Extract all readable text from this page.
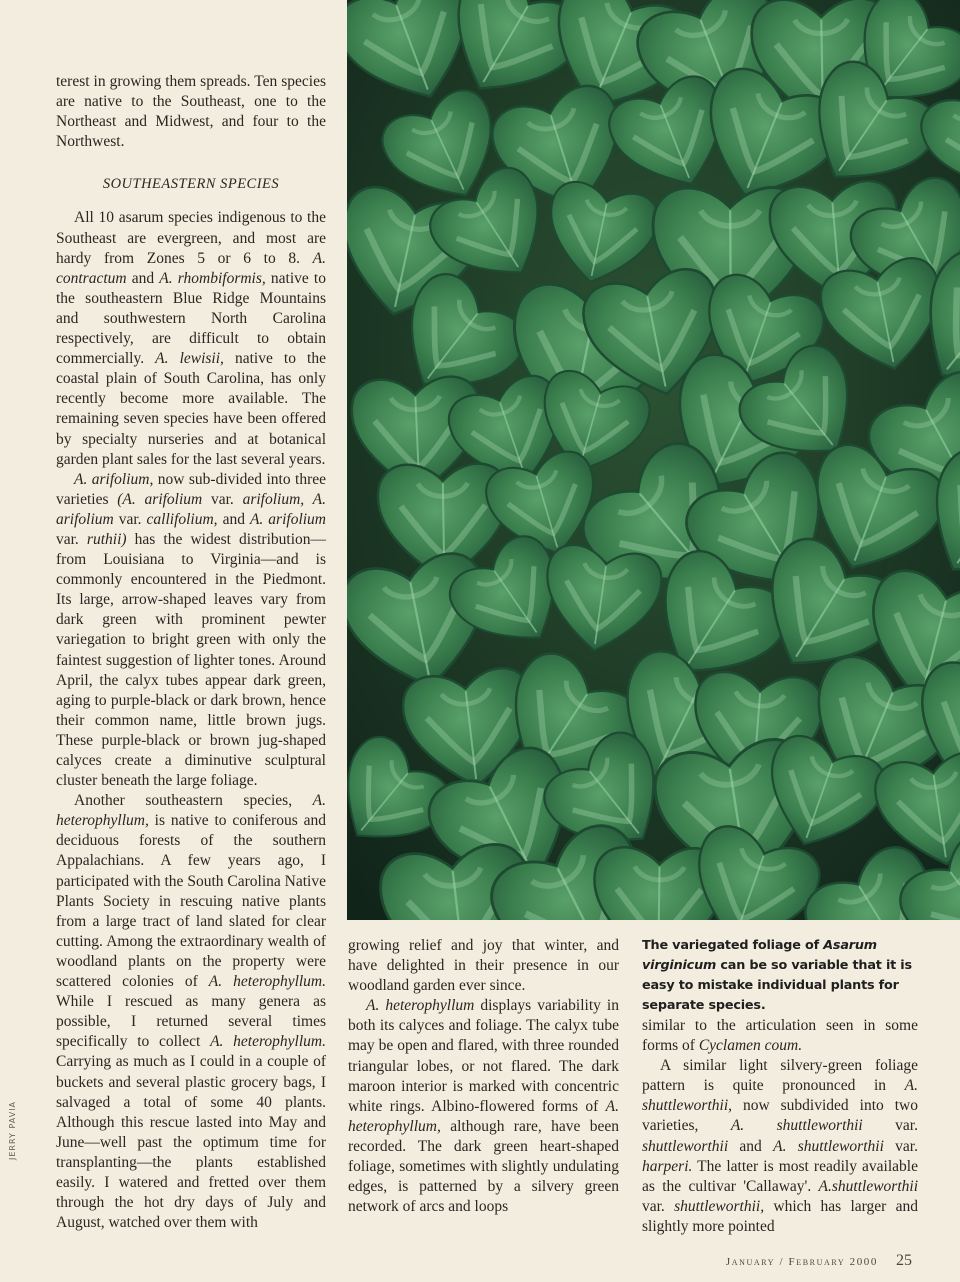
terest in growing them spreads. Ten species are native to the Southeast, one to the Northeast and Midwest, and four to the Northwest.

SOUTHEASTERN SPECIES

All 10 asarum species indigenous to the Southeast are evergreen, and most are hardy from Zones 5 or 6 to 8. A. contractum and A. rhombiformis, native to the southeastern Blue Ridge Mountains and southwestern North Carolina respectively, are difficult to obtain commercially. A. lewisii, native to the coastal plain of South Carolina, has only recently become more available. The remaining seven species have been offered by specialty nurseries and at botanical garden plant sales for the last several years.

A. arifolium, now sub-divided into three varieties (A. arifolium var. arifolium, A. arifolium var. callifolium, and A. arifolium var. ruthii) has the widest distribution—from Louisiana to Virginia—and is commonly encountered in the Piedmont. Its large, arrow-shaped leaves vary from dark green with prominent pewter variegation to bright green with only the faintest suggestion of lighter tones. Around April, the calyx tubes appear dark green, aging to purple-black or dark brown, hence their common name, little brown jugs. These purple-black or brown jug-shaped calyces create a diminutive sculptural cluster beneath the large foliage.

Another southeastern species, A. heterophyllum, is native to coniferous and deciduous forests of the southern Appalachians. A few years ago, I participated with the South Carolina Native Plants Society in rescuing native plants from a large tract of land slated for clear cutting. Among the extraordinary wealth of woodland plants on the property were scattered colonies of A. heterophyllum. While I rescued as many genera as possible, I returned several times specifically to collect A. heterophyllum. Carrying as much as I could in a couple of buckets and several plastic grocery bags, I salvaged a total of some 40 plants. Although this rescue lasted into May and June—well past the optimum time for transplanting—the plants established easily. I watered and fretted over them through the hot dry days of July and August, watched over them with

growing relief and joy that winter, and have delighted in their presence in our woodland garden ever since.

A. heterophyllum displays variability in both its calyces and foliage. The calyx tube may be open and flared, with three rounded triangular lobes, or not flared. The dark maroon interior is marked with concentric white rings. Albino-flowered forms of A. heterophyllum, although rare, have been recorded. The dark green heart-shaped foliage, sometimes with slightly undulating edges, is patterned by a silvery green network of arcs and loops

The variegated foliage of Asarum virginicum can be so variable that it is easy to mistake individual plants for separate species.

similar to the articulation seen in some forms of Cyclamen coum.

A similar light silvery-green foliage pattern is quite pronounced in A. shuttleworthii, now subdivided into two varieties, A. shuttleworthii var. shuttleworthii and A. shuttleworthii var. harperi. The latter is most readily available as the cultivar 'Callaway'. A.shuttleworthii var. shuttleworthii, which has larger and slightly more pointed

JERRY PAVIA
January / February 2000 25
